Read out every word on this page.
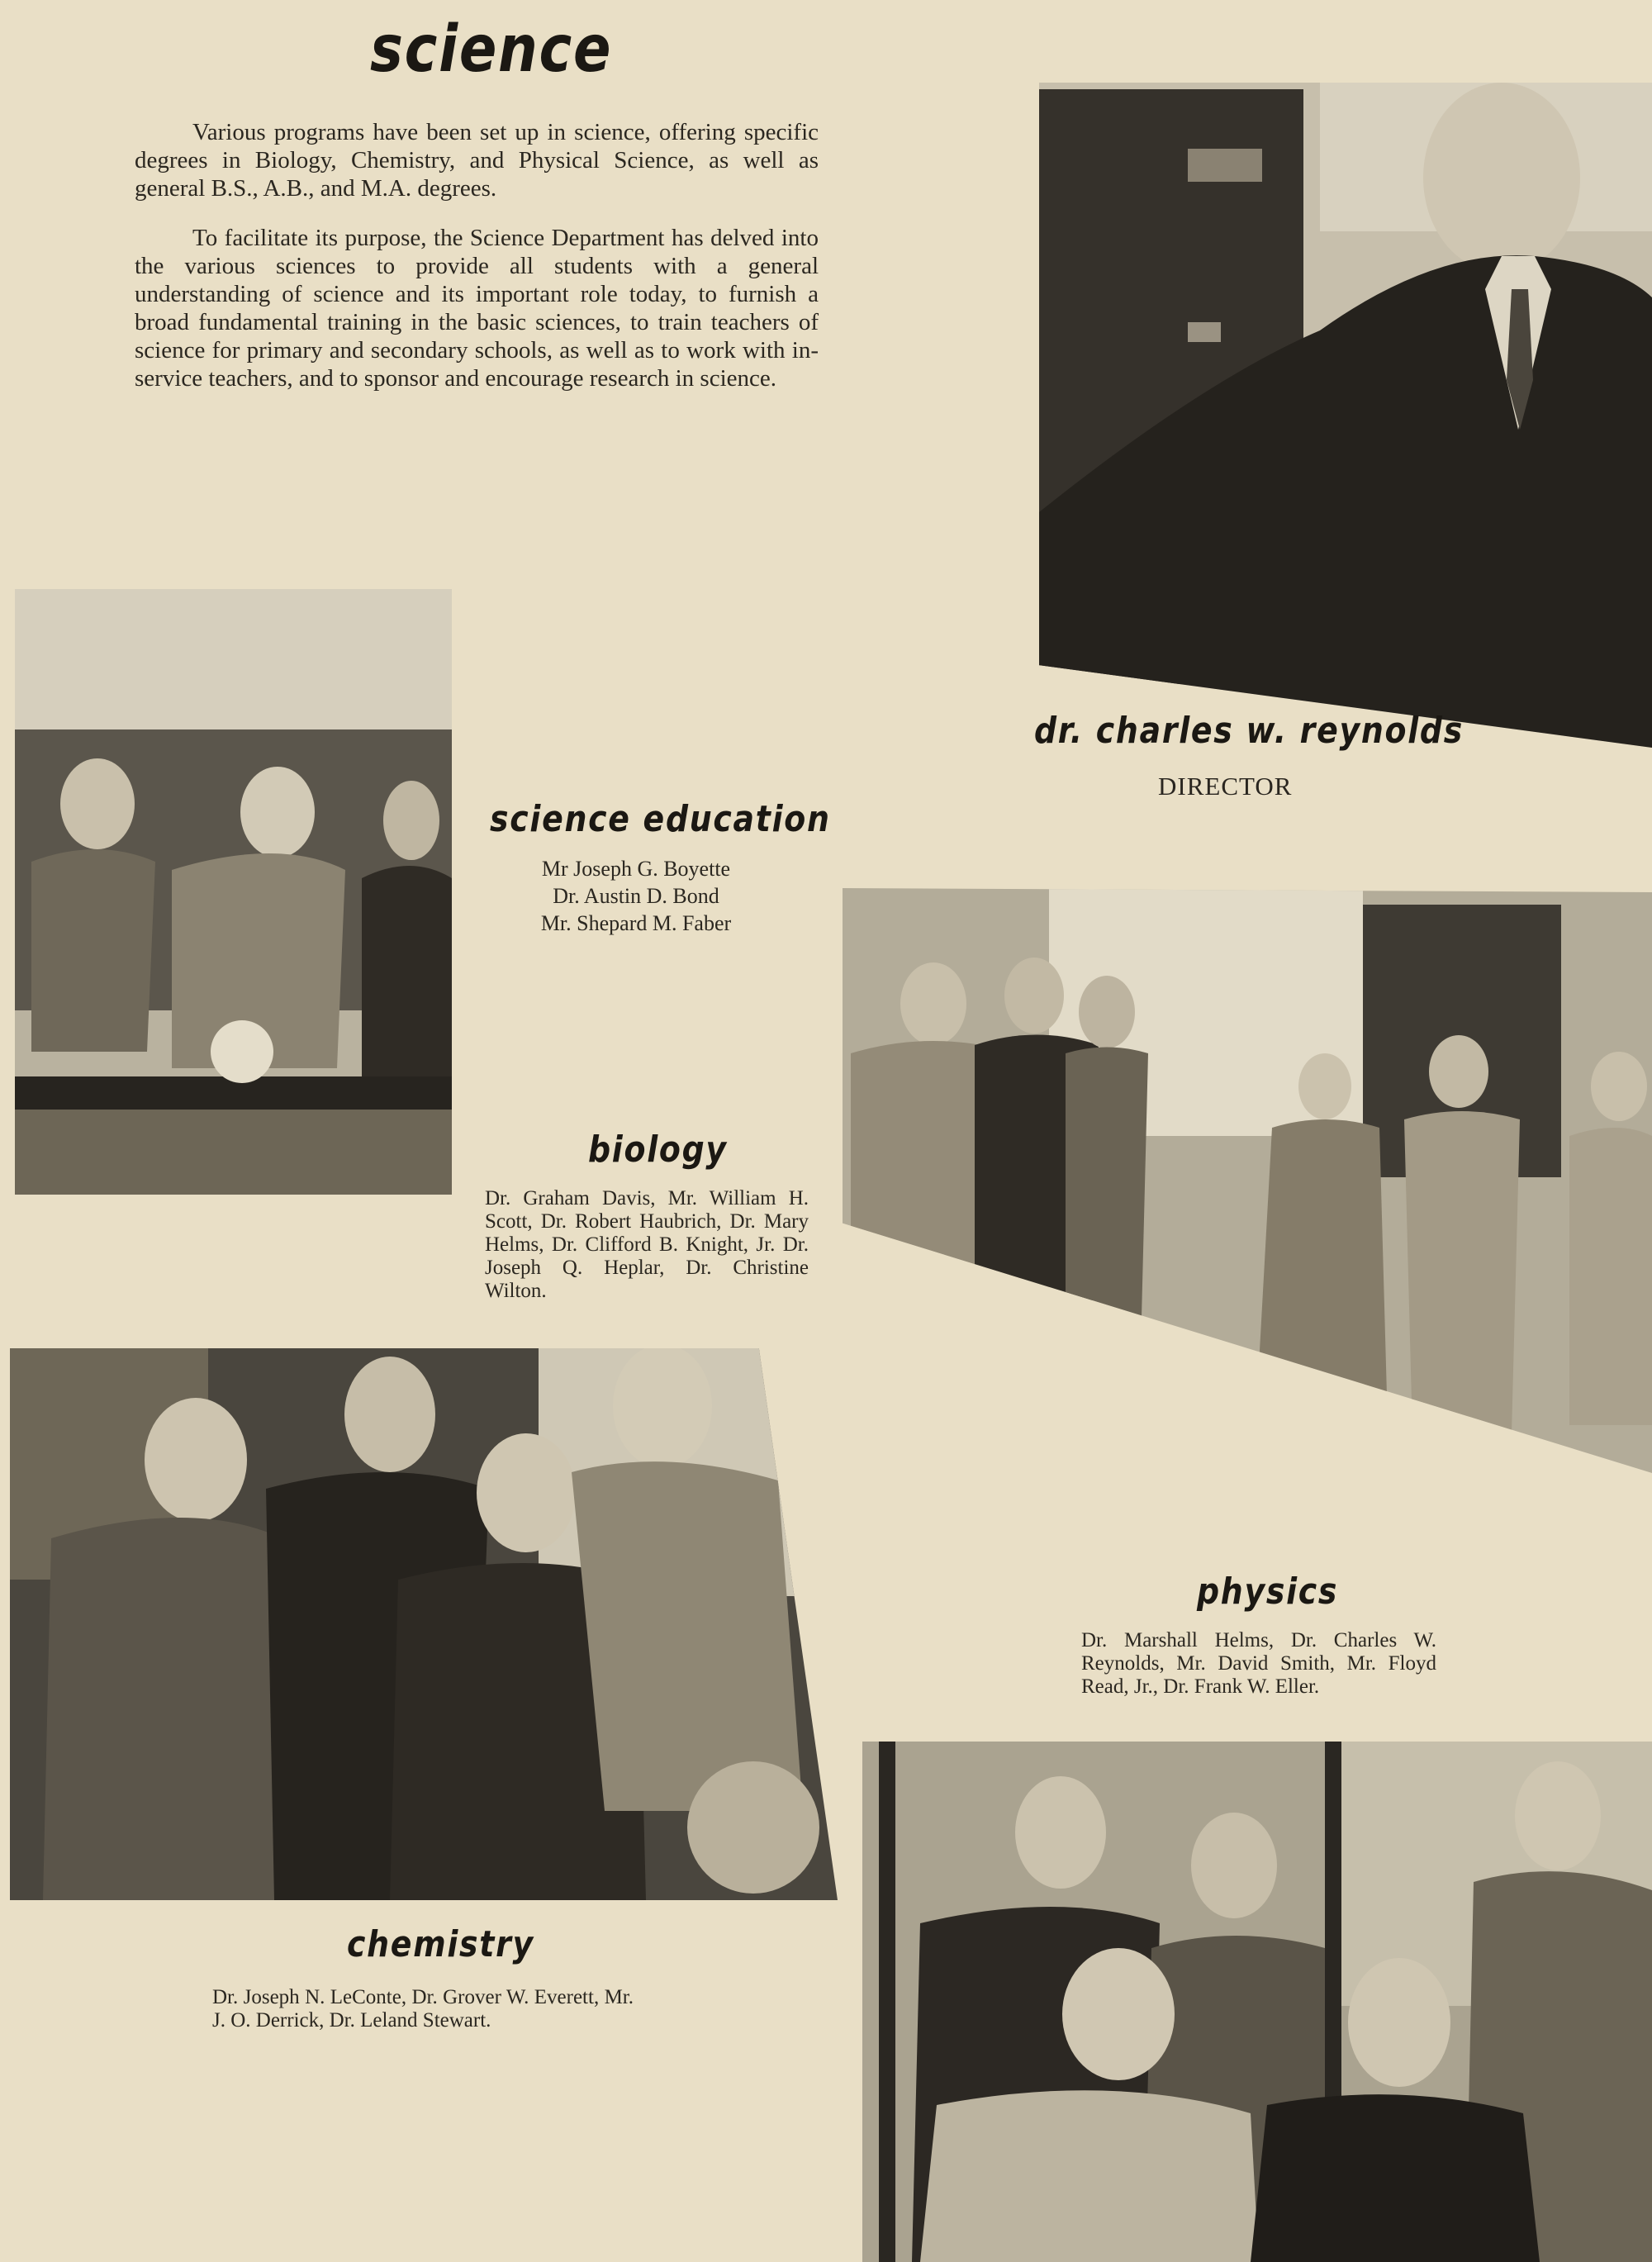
science

Various programs have been set up in science, offering specific degrees in Biology, Chemistry, and Physical Science, as well as general B.S., A.B., and M.A. degrees.

To facilitate its purpose, the Science Department has delved into the various sciences to provide all students with a general understanding of science and its important role today, to furnish a broad fundamental training in the basic sciences, to train teachers of science for primary and secondary schools, as well as to work with in-service teachers, and to sponsor and encourage research in science.

dr. charles w. reynolds
DIRECTOR
science education
Mr Joseph G. Boyette
Dr. Austin D. Bond
Mr. Shepard M. Faber
biology

Dr. Graham Davis, Mr. William H. Scott, Dr. Robert Haubrich, Dr. Mary Helms, Dr. Clifford B. Knight, Jr. Dr. Joseph Q. Heplar, Dr. Christine Wilton.

physics

Dr. Marshall Helms, Dr. Charles W. Reynolds, Mr. David Smith, Mr. Floyd Read, Jr., Dr. Frank W. Eller.

chemistry

Dr. Joseph N. LeConte, Dr. Grover W. Everett, Mr. J. O. Derrick, Dr. Leland Stewart.
